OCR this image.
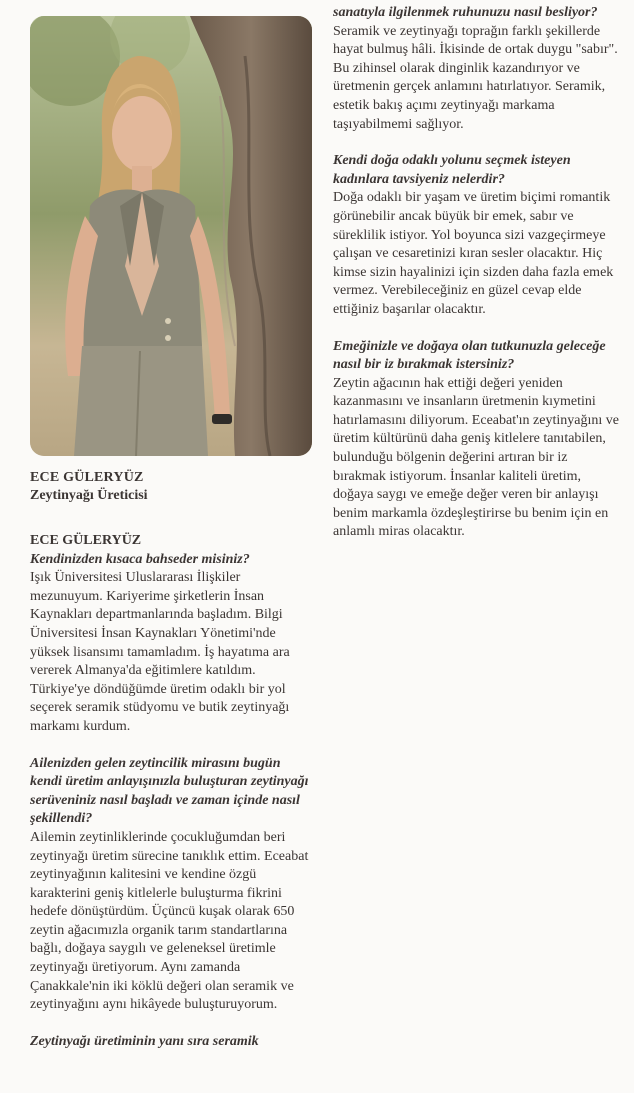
ECE GÜLERYÜZ
Zeytinyağı Üreticisi
ECE GÜLERYÜZ
Kendinizden kısaca bahseder misiniz?
Işık Üniversitesi Uluslararası İlişkiler mezunuyum. Kariyerime şirketlerin İnsan Kaynakları departmanlarında başladım. Bilgi Üniversitesi İnsan Kaynakları Yönetimi'nde yüksek lisansımı tamamladım. İş hayatıma ara vererek Almanya'da eğitimlere katıldım. Türkiye'ye döndüğümde üretim odaklı bir yol seçerek seramik stüdyomu ve butik zeytinyağı markamı kurdum.
Ailenizden gelen zeytincilik mirasını bugün kendi üretim anlayışınızla buluşturan zeytinyağı serüveniniz nasıl başladı ve zaman içinde nasıl şekillendi?
Ailemin zeytinliklerinde çocukluğumdan beri zeytinyağı üretim sürecine tanıklık ettim. Eceabat zeytinyağının kalitesini ve kendine özgü karakterini geniş kitlelerle buluşturma fikrini hedefe dönüştürdüm. Üçüncü kuşak olarak 650 zeytin ağacımızla organik tarım standartlarına bağlı, doğaya saygılı ve geleneksel üretimle zeytinyağı üretiyorum. Aynı zamanda Çanakkale'nin iki köklü değeri olan seramik ve zeytinyağını aynı hikâyede buluşturuyorum.
Zeytinyağı üretiminin yanı sıra seramik
sanatıyla ilgilenmek ruhunuzu nasıl besliyor?
Seramik ve zeytinyağı toprağın farklı şekillerde hayat bulmuş hâli. İkisinde de ortak duygu "sabır". Bu zihinsel olarak dinginlik kazandırıyor ve üretmenin gerçek anlamını hatırlatıyor. Seramik, estetik bakış açımı zeytinyağı markama taşıyabilmemi sağlıyor.
Kendi doğa odaklı yolunu seçmek isteyen kadınlara tavsiyeniz nelerdir?
Doğa odaklı bir yaşam ve üretim biçimi romantik görünebilir ancak büyük bir emek, sabır ve süreklilik istiyor. Yol boyunca sizi vazgeçirmeye çalışan ve cesaretinizi kıran sesler olacaktır. Hiç kimse sizin hayalinizi için sizden daha fazla emek vermez. Verebileceğiniz en güzel cevap elde ettiğiniz başarılar olacaktır.
Emeğinizle ve doğaya olan tutkunuzla geleceğe nasıl bir iz bırakmak istersiniz?
Zeytin ağacının hak ettiği değeri yeniden kazanmasını ve insanların üretmenin kıymetini hatırlamasını diliyorum. Eceabat'ın zeytinyağını ve üretim kültürünü daha geniş kitlelere tanıtabilen, bulunduğu bölgenin değerini artıran bir iz bırakmak istiyorum. İnsanlar kaliteli üretim, doğaya saygı ve emeğe değer veren bir anlayışı benim markamla özdeşleştirirse bu benim için en anlamlı miras olacaktır.
